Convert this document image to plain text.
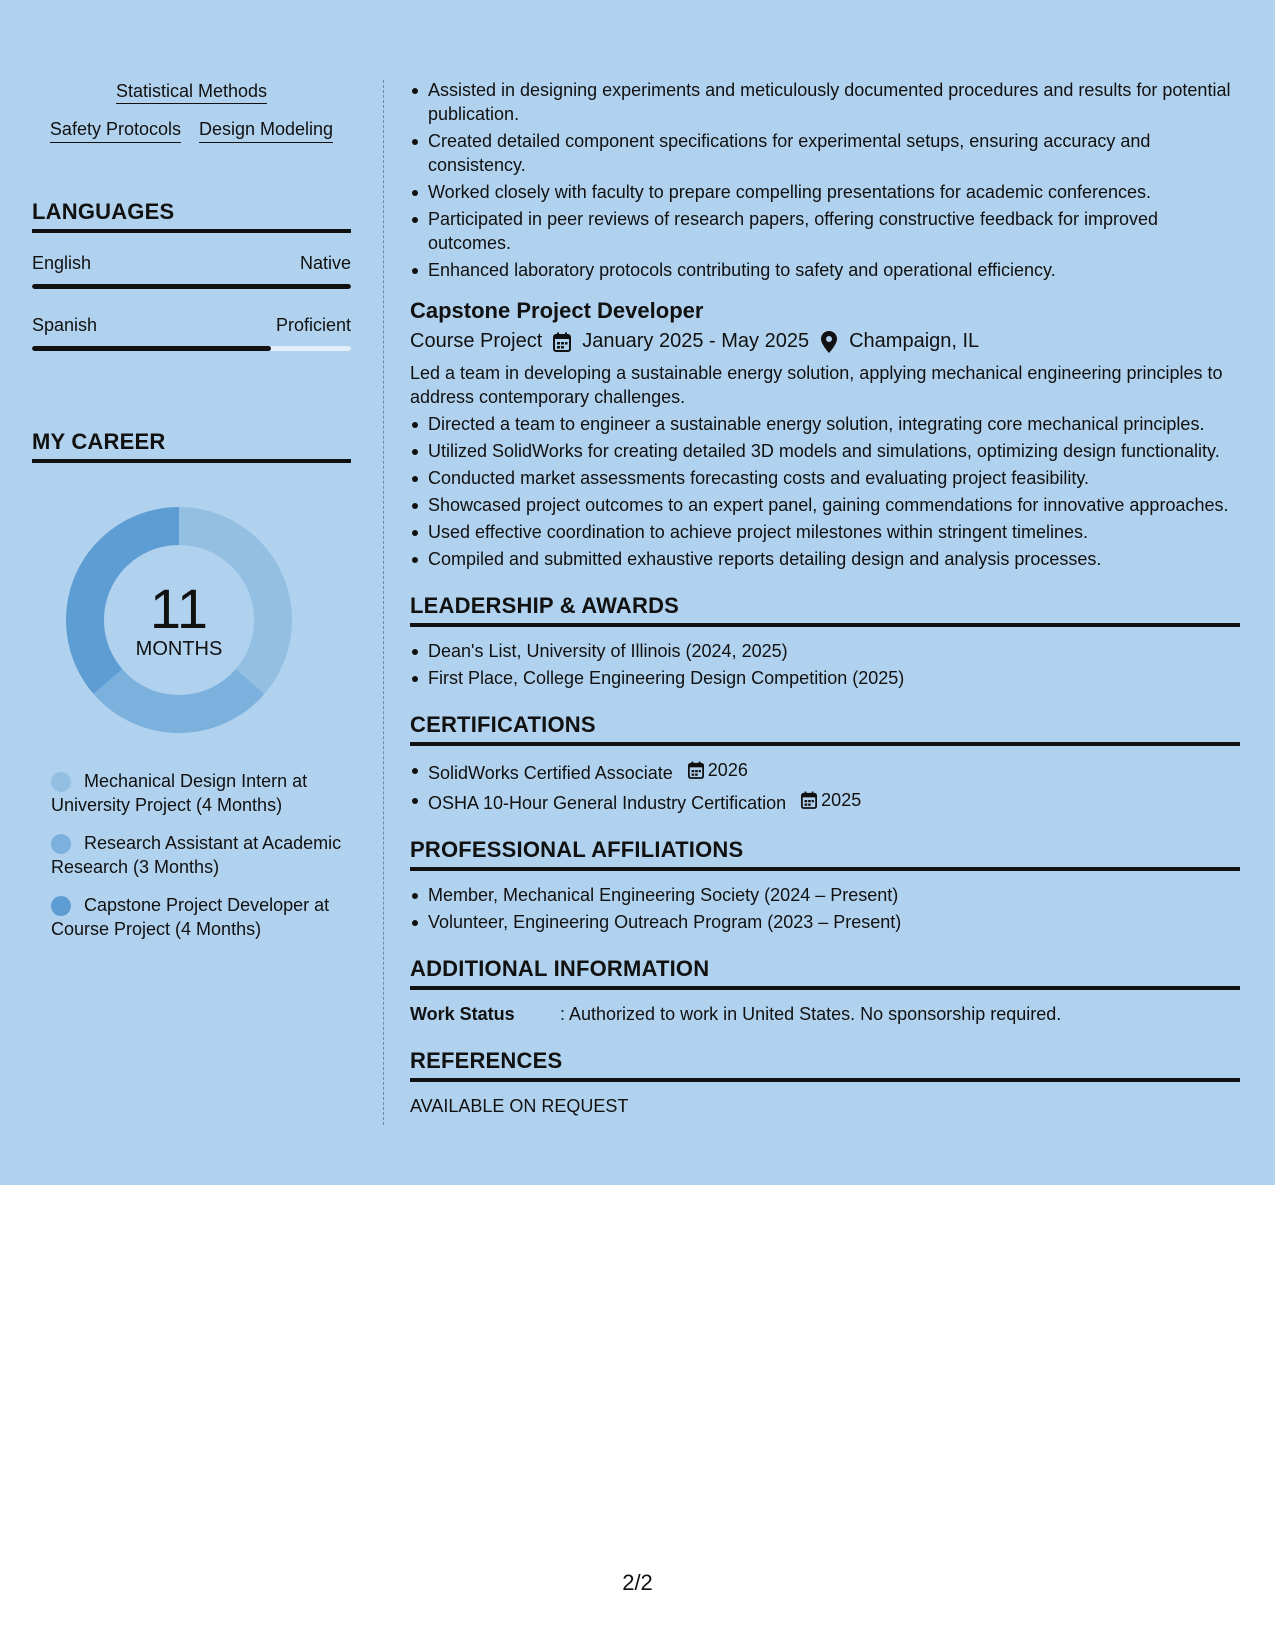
Statistical Methods
Safety Protocols Design Modeling
LANGUAGES
English	Native
Spanish	Proficient
MY CAREER
11
MONTHS
Mechanical Design Intern at University Project (4 Months)
Research Assistant at Academic Research (3 Months)
Capstone Project Developer at Course Project (4 Months)
Assisted in designing experiments and meticulously documented procedures and results for potential publication.
Created detailed component specifications for experimental setups, ensuring accuracy and consistency.
Worked closely with faculty to prepare compelling presentations for academic conferences.
Participated in peer reviews of research papers, offering constructive feedback for improved outcomes.
Enhanced laboratory protocols contributing to safety and operational efficiency.
Capstone Project Developer
Course Project January 2025 - May 2025 Champaign, IL
Led a team in developing a sustainable energy solution, applying mechanical engineering principles to address contemporary challenges.
Directed a team to engineer a sustainable energy solution, integrating core mechanical principles.
Utilized SolidWorks for creating detailed 3D models and simulations, optimizing design functionality.
Conducted market assessments forecasting costs and evaluating project feasibility.
Showcased project outcomes to an expert panel, gaining commendations for innovative approaches.
Used effective coordination to achieve project milestones within stringent timelines.
Compiled and submitted exhaustive reports detailing design and analysis processes.
LEADERSHIP & AWARDS
Dean's List, University of Illinois (2024, 2025)
First Place, College Engineering Design Competition (2025)
CERTIFICATIONS
SolidWorks Certified Associate 2026
OSHA 10-Hour General Industry Certification 2025
PROFESSIONAL AFFILIATIONS
Member, Mechanical Engineering Society (2024 – Present)
Volunteer, Engineering Outreach Program (2023 – Present)
ADDITIONAL INFORMATION
Work Status	: Authorized to work in United States. No sponsorship required.
REFERENCES
AVAILABLE ON REQUEST
2/2
